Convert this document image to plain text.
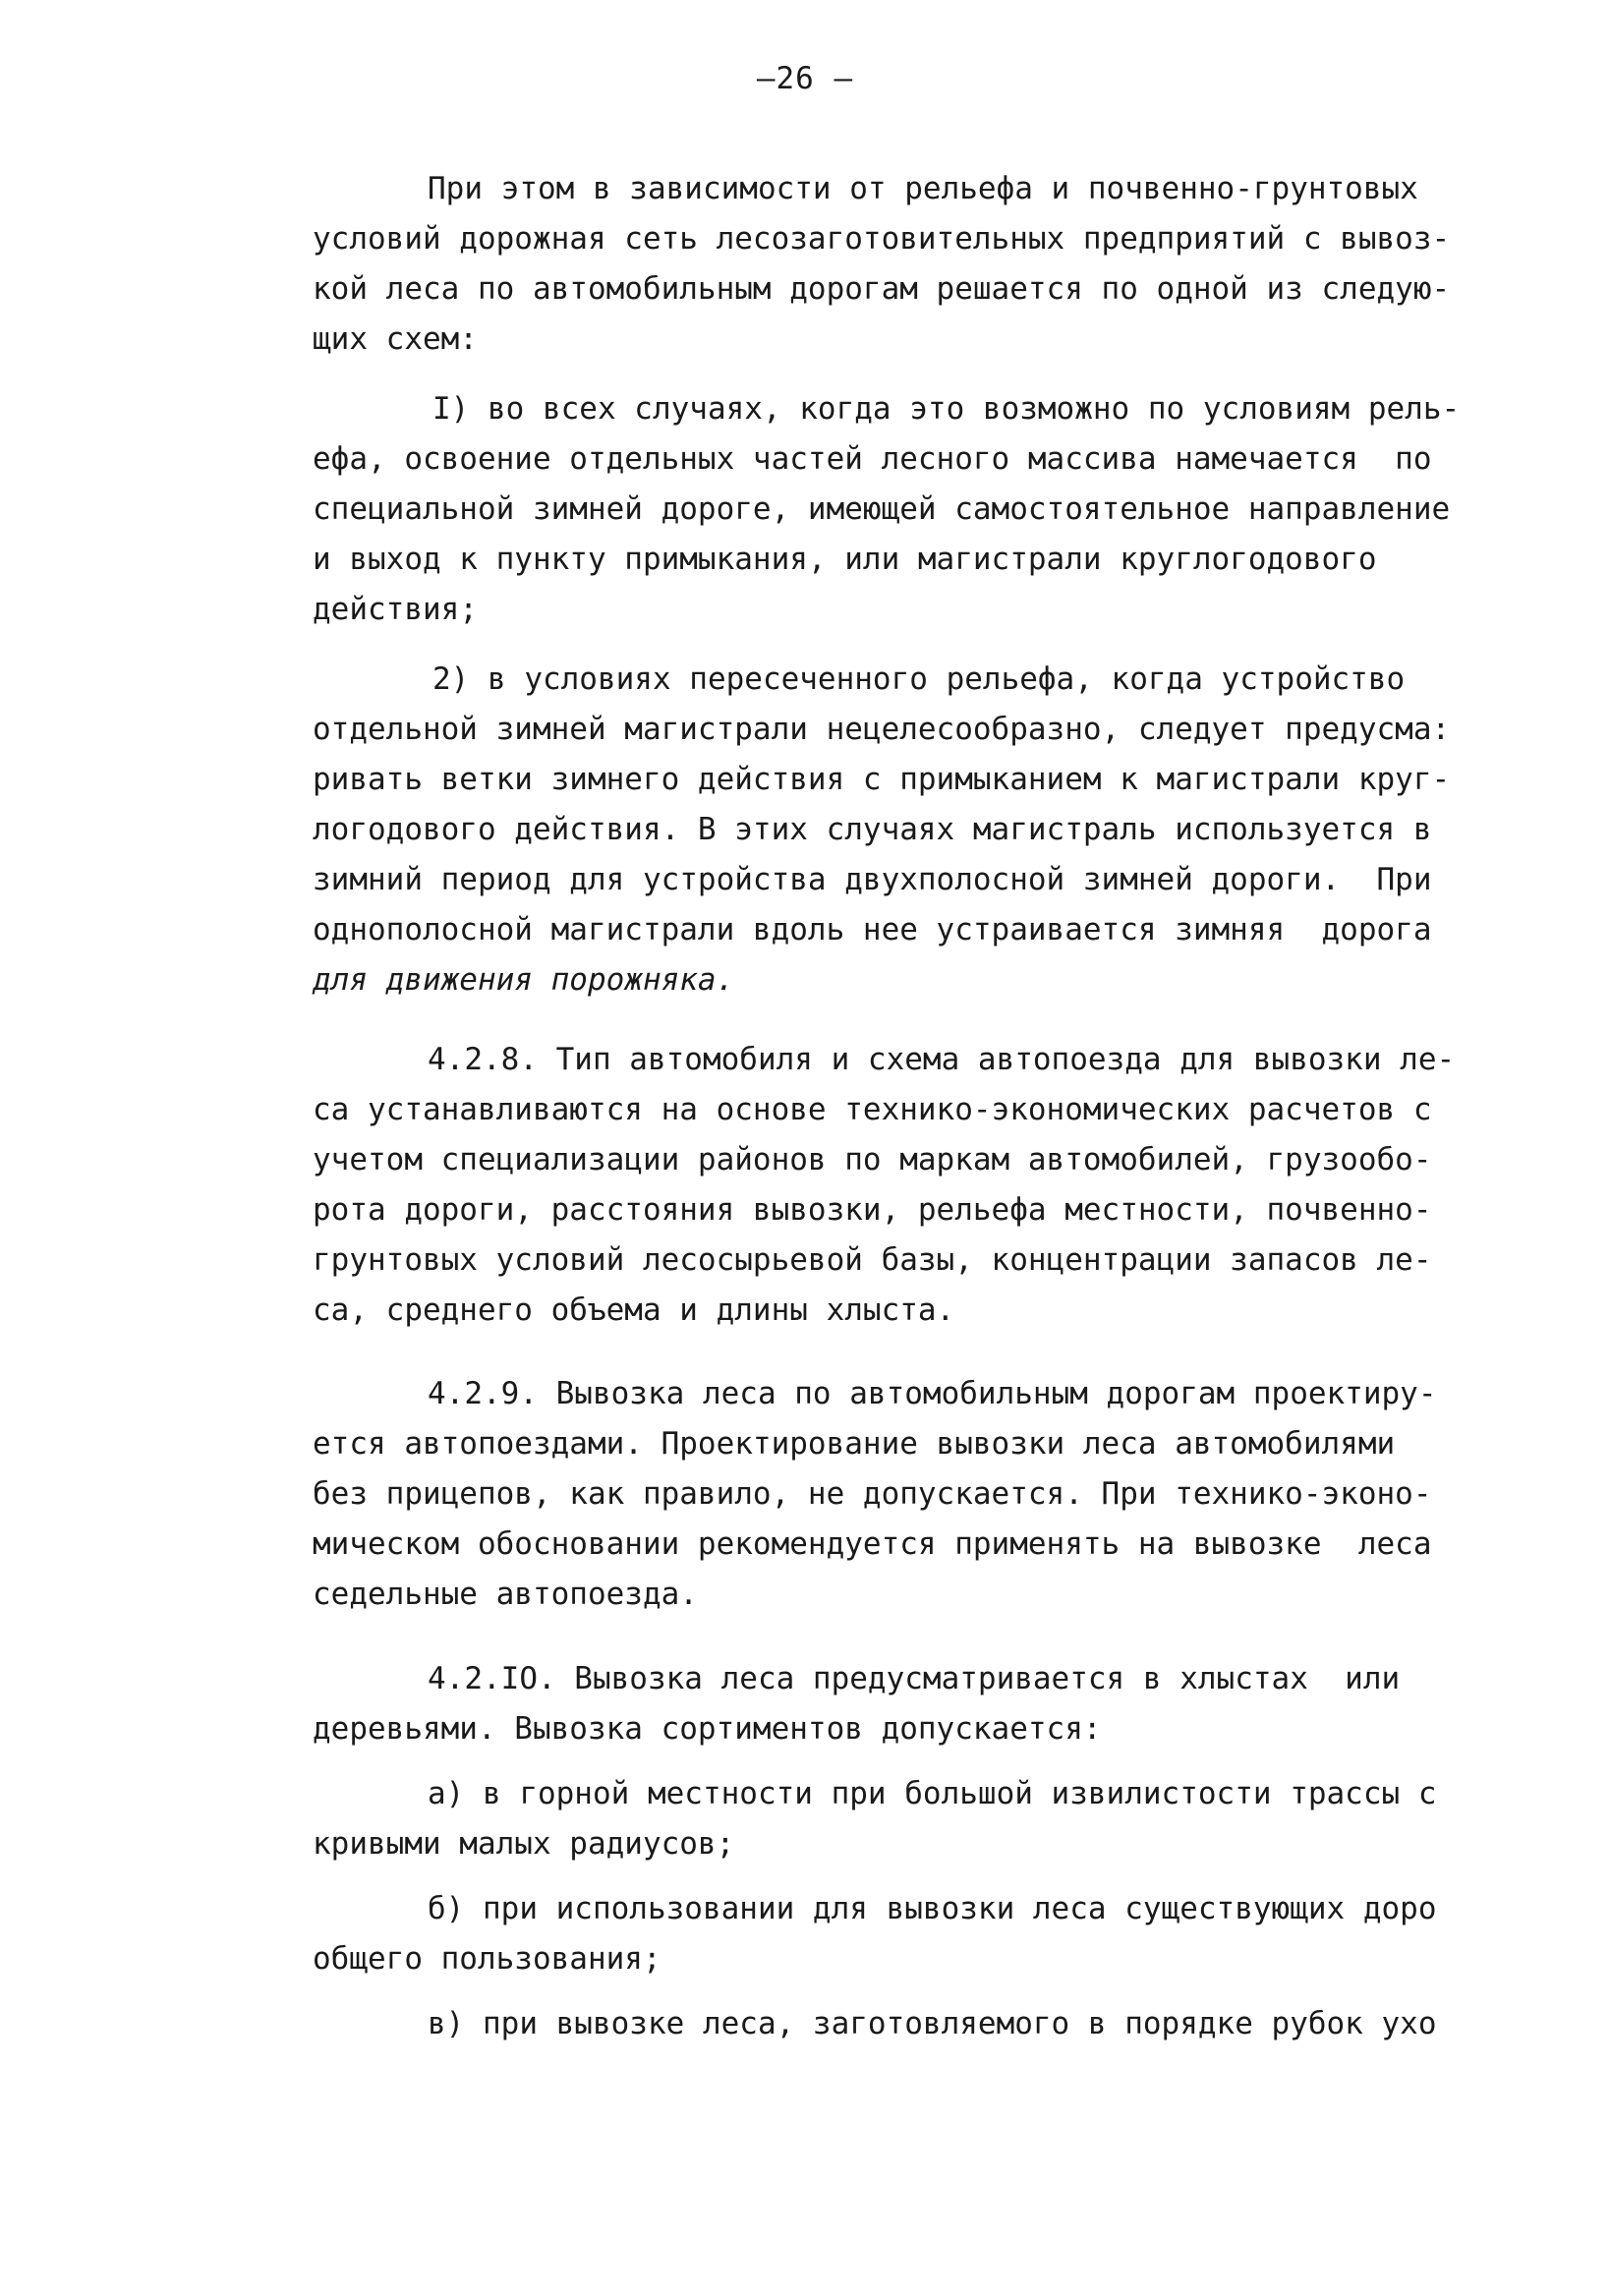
—26 —
При этом в зависимости от рельефа и почвенно-грунтовых
условий дорожная сеть лесозаготовительных предприятий с вывоз-
кой леса по автомобильным дорогам решается по одной из следую-
щих схем:
I) во всех случаях, когда это возможно по условиям рель-
ефа, освоение отдельных частей лесного массива намечается  по
специальной зимней дороге, имеющей самостоятельное направление
и выход к пункту примыкания, или магистрали круглогодового
действия;
2) в условиях пересеченного рельефа, когда устройство
отдельной зимней магистрали нецелесообразно, следует предусма:
ривать ветки зимнего действия с примыканием к магистрали круг-
логодового действия. В этих случаях магистраль используется в
зимний период для устройства двухполосной зимней дороги.  При
однополосной магистрали вдоль нее устраивается зимняя  дорога
для движения порожняка.
4.2.8. Тип автомобиля и схема автопоезда для вывозки ле-
са устанавливаются на основе технико-экономических расчетов с
учетом специализации районов по маркам автомобилей, грузообо-
рота дороги, расстояния вывозки, рельефа местности, почвенно-
грунтовых условий лесосырьевой базы, концентрации запасов ле-
са, среднего объема и длины хлыста.
4.2.9. Вывозка леса по автомобильным дорогам проектиру-
ется автопоездами. Проектирование вывозки леса автомобилями
без прицепов, как правило, не допускается. При технико-эконо-
мическом обосновании рекомендуется применять на вывозке  леса
седельные автопоезда.
4.2.IO. Вывозка леса предусматривается в хлыстах  или
деревьями. Вывозка сортиментов допускается:
а) в горной местности при большой извилистости трассы с
кривыми малых радиусов;
б) при использовании для вывозки леса существующих доро
общего пользования;
в) при вывозке леса, заготовляемого в порядке рубок ухо
